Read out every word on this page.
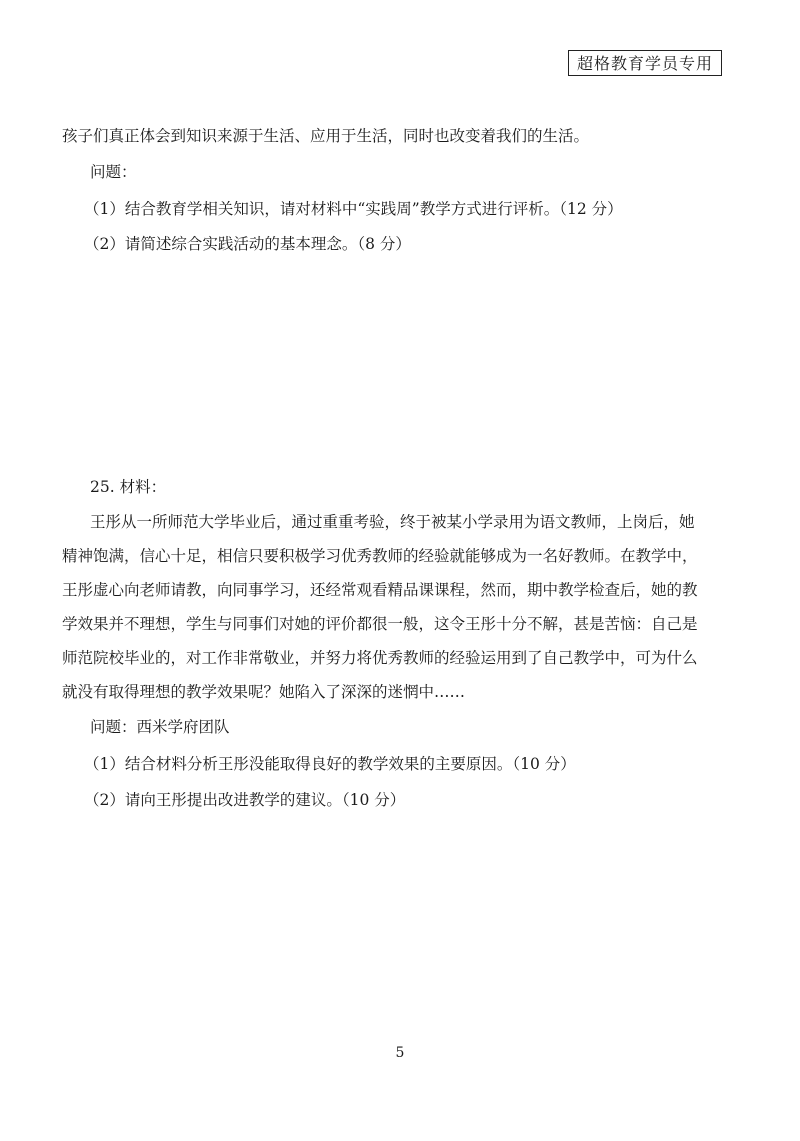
超格教育学员专用
孩子们真正体会到知识来源于生活、应用于生活，同时也改变着我们的生活。
问题：
（1）结合教育学相关知识，请对材料中“实践周”教学方式进行评析。（12 分）
（2）请简述综合实践活动的基本理念。（8 分）
25. 材料：
王彤从一所师范大学毕业后，通过重重考验，终于被某小学录用为语文教师，上岗后，她
精神饱满，信心十足，相信只要积极学习优秀教师的经验就能够成为一名好教师。在教学中，
王彤虚心向老师请教，向同事学习，还经常观看精品课课程，然而，期中教学检查后，她的教
学效果并不理想，学生与同事们对她的评价都很一般，这令王彤十分不解，甚是苦恼：自己是
师范院校毕业的，对工作非常敬业，并努力将优秀教师的经验运用到了自己教学中，可为什么
就没有取得理想的教学效果呢？她陷入了深深的迷惘中……
问题：西米学府团队
（1）结合材料分析王彤没能取得良好的教学效果的主要原因。（10 分）
（2）请向王彤提出改进教学的建议。（10 分）
5
